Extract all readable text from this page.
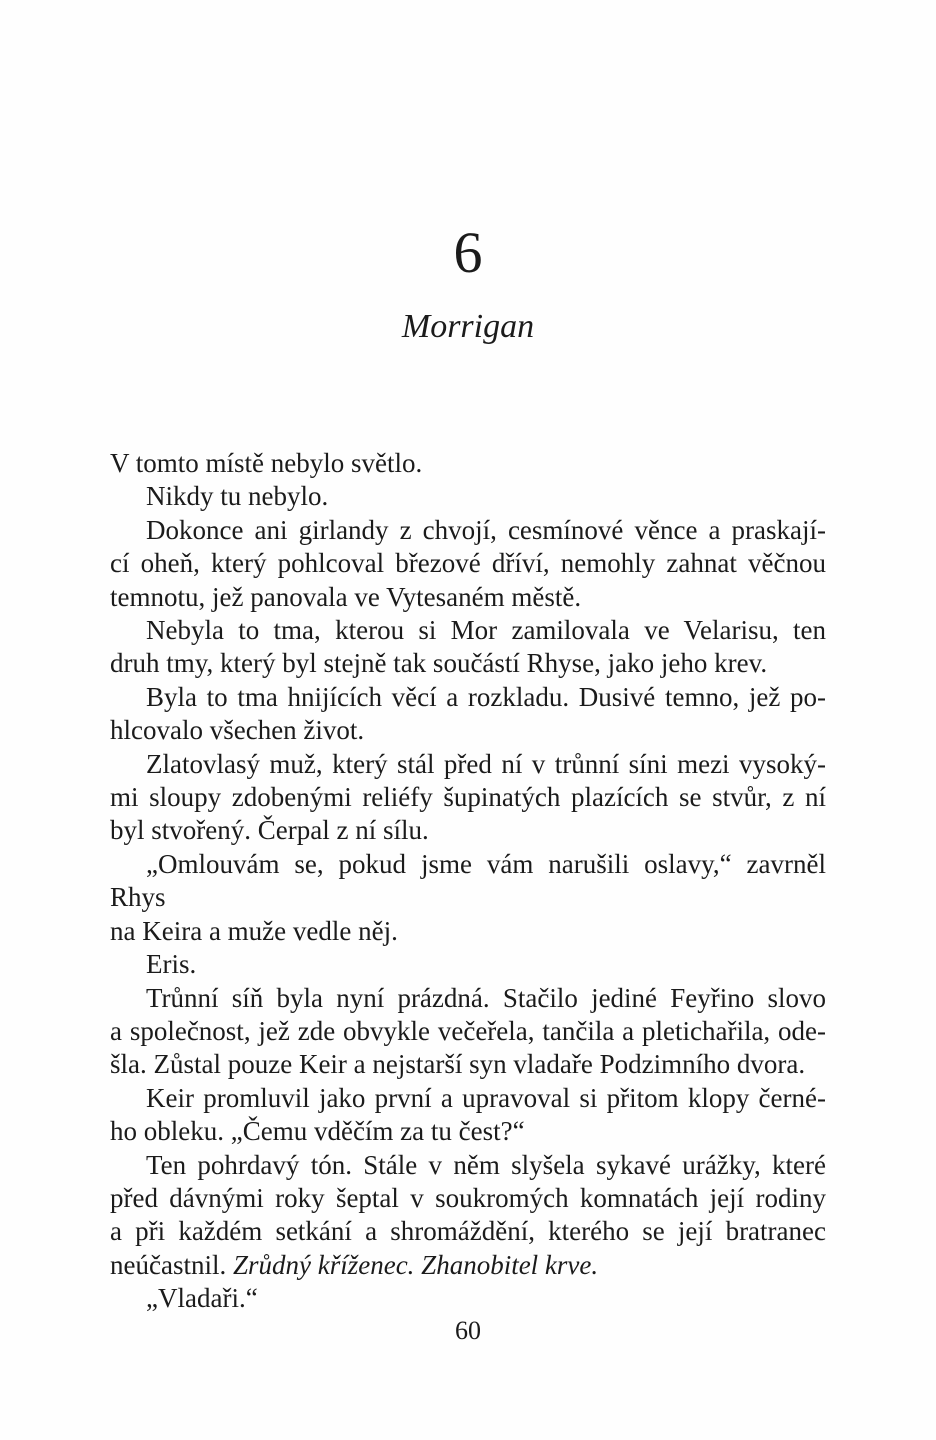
6
Morrigan
V tomto místě nebylo světlo.
Nikdy tu nebylo.
Dokonce ani girlandy z chvojí, cesmínové věnce a praskají-
cí oheň, který pohlcoval březové dříví, nemohly zahnat věčnou
temnotu, jež panovala ve Vytesaném městě.
Nebyla to tma, kterou si Mor zamilovala ve Velarisu, ten
druh tmy, který byl stejně tak součástí Rhyse, jako jeho krev.
Byla to tma hnijících věcí a rozkladu. Dusivé temno, jež po-
hlcovalo všechen život.
Zlatovlasý muž, který stál před ní v trůnní síni mezi vysoký-
mi sloupy zdobenými reliéfy šupinatých plazících se stvůr, z ní
byl stvořený. Čerpal z ní sílu.
„Omlouvám se, pokud jsme vám narušili oslavy,“ zavrněl Rhys
na Keira a muže vedle něj.
Eris.
Trůnní síň byla nyní prázdná. Stačilo jediné Feyřino slovo
a společnost, jež zde obvykle večeřela, tančila a pletichařila, ode-
šla. Zůstal pouze Keir a nejstarší syn vladaře Podzimního dvora.
Keir promluvil jako první a upravoval si přitom klopy černé-
ho obleku. „Čemu vděčím za tu čest?“
Ten pohrdavý tón. Stále v něm slyšela sykavé urážky, které
před dávnými roky šeptal v soukromých komnatách její rodiny
a při každém setkání a shromáždění, kterého se její bratranec
neúčastnil. Zrůdný kříženec. Zhanobitel krve.
„Vladaři.“
60
